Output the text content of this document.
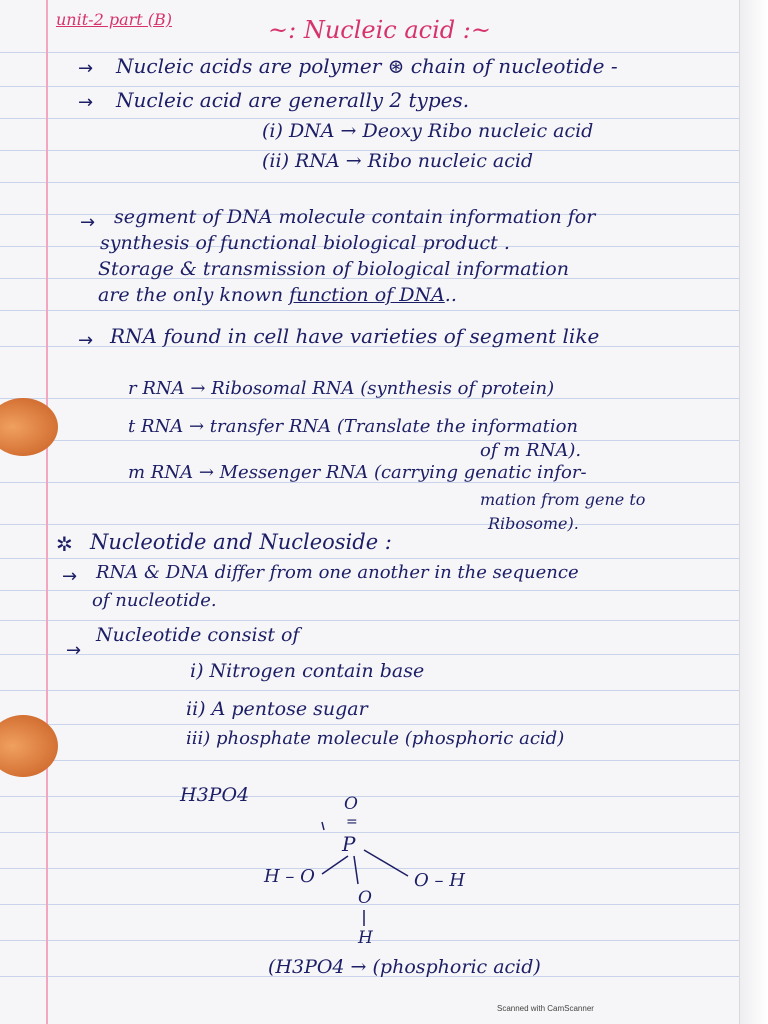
unit-2 part (B)	~: Nucleic acid :~
→ Nucleic acids are polymer ⊛ chain of nucleotide -
→ Nucleic acid are generally 2 types.
(i) DNA → Deoxy Ribo nucleic acid
(ii) RNA → Ribo nucleic acid
→ segment of DNA molecule contain information for
synthesis of functional biological product .
Storage & transmission of biological information
are the only known function of DNA..
→ RNA found in cell have varieties of segment like
r RNA → Ribosomal RNA (synthesis of protein)
t RNA → transfer RNA (Translate the information
of m RNA).
m RNA → Messenger RNA (carrying genatic infor-
mation from gene to
Ribosome).
✲ Nucleotide and Nucleoside :
→ RNA & DNA differ from one another in the sequence
of nucleotide.
→
Nucleotide consist of
i) Nitrogen contain base
ii) A pentose sugar
iii) phosphate molecule (phosphoric acid)
H3PO4	O
=
P
H – O	O – H
O
H
(H3PO4 → (phosphoric acid)
Scanned with CamScanner
